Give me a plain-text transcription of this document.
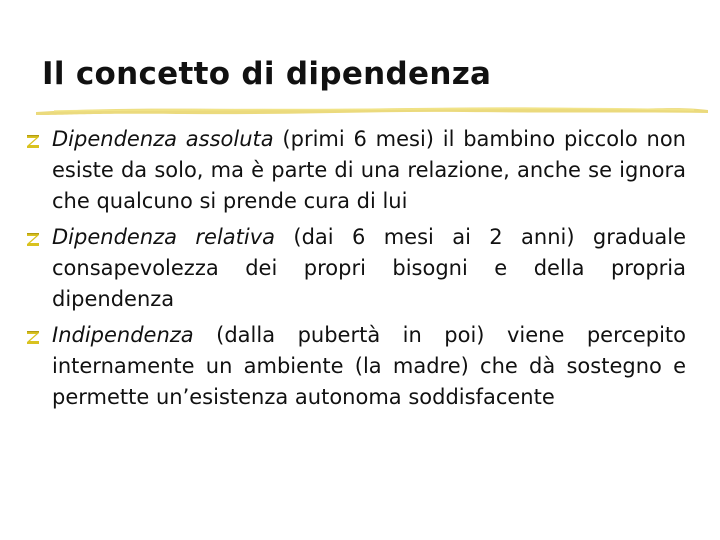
Il concetto di dipendenza
Dipendenza assoluta (primi 6 mesi) il bambino piccolo non esiste da solo, ma è parte di una relazione, anche se ignora che qualcuno si prende cura di lui
Dipendenza relativa (dai 6 mesi ai 2 anni) graduale consapevolezza dei propri bisogni e della propria dipendenza
Indipendenza (dalla pubertà in poi) viene percepito internamente un ambiente (la madre) che dà sostegno e permette un’esistenza autonoma soddisfacente
